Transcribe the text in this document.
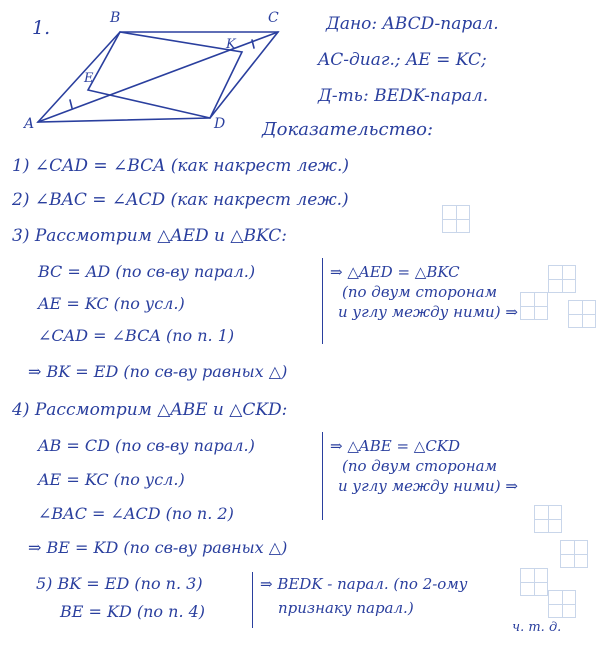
1.
A
B	C
D
E
K
Дано: ABCD-парал.
AC-диаг.; AE = KC;
Д-ть: BEDK-парал.
Доказательство:
1) ∠CAD = ∠BCA (как накрест леж.)
2) ∠BAC = ∠ACD (как накрест леж.)
3) Рассмотрим △AED и △BKC:
BC = AD (по св-ву парал.)
AE = KC (по усл.)
∠CAD = ∠BCA (по п. 1)
⇒ △AED = △BKC
(по двум сторонам
и углу между ними) ⇒
⇒ BK = ED (по св-ву равных △)
4) Рассмотрим △ABE и △CKD:
AB = CD (по св-ву парал.)
AE = KC (по усл.)
∠BAC = ∠ACD (по п. 2)
⇒ △ABE = △CKD
(по двум сторонам
и углу между ними) ⇒
⇒ BE = KD (по св-ву равных △)
5) BK = ED (по п. 3)
BE = KD (по п. 4)
⇒ BEDK - парал. (по 2-ому
признаку парал.)
ч. т. д.
